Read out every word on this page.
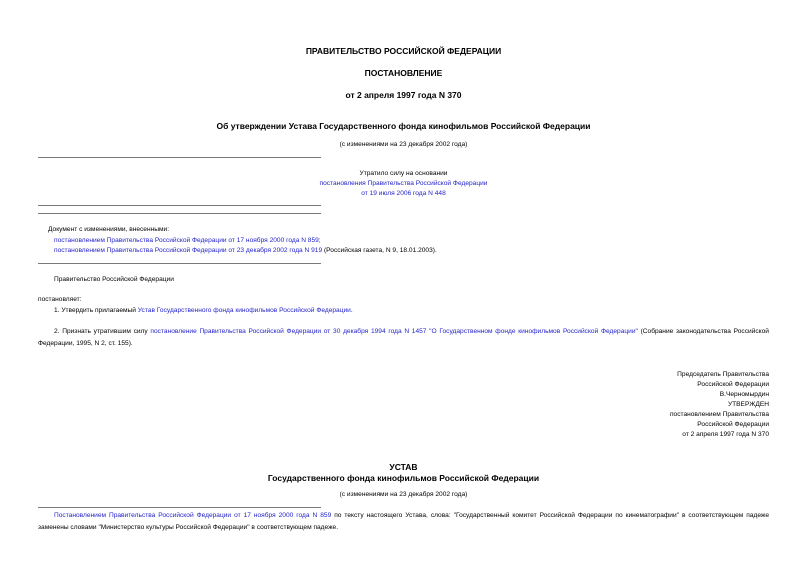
ПРАВИТЕЛЬСТВО РОССИЙСКОЙ ФЕДЕРАЦИИ
ПОСТАНОВЛЕНИЕ
от 2 апреля 1997 года N 370
Об утверждении Устава Государственного фонда кинофильмов Российской Федерации
(с изменениями на 23 декабря 2002 года)
Утратило силу на основании
постановления Правительства Российской Федерации
от 19 июля 2006 года N 448
Документ с изменениями, внесенными:
постановлением Правительства Российской Федерации от 17 ноября 2000 года N 859;
постановлением Правительства Российской Федерации от 23 декабря 2002 года N 919 (Российская газета, N 9, 18.01.2003).
Правительство Российской Федерации
постановляет:
1. Утвердить прилагаемый Устав Государственного фонда кинофильмов Российской Федерации.
2. Признать утратившим силу постановление Правительства Российской Федерации от 30 декабря 1994 года N 1457 "О Государственном фонде кинофильмов Российской Федерации" (Собрание законодательства Российской Федерации, 1995, N 2, ст. 155).
Председатель Правительства
Российской Федерации
В.Черномырдин
УТВЕРЖДЕН
постановлением Правительства
Российской Федерации
от 2 апреля 1997 года N 370
УСТАВ
Государственного фонда кинофильмов Российской Федерации
(с изменениями на 23 декабря 2002 года)
Постановлением Правительства Российской Федерации от 17 ноября 2000 года N 859 по тексту настоящего Устава, слова: "Государственный комитет Российской Федерации по кинематографии" в соответствующем падеже заменены словами "Министерство культуры Российской Федерации" в соответствующем падеже.
